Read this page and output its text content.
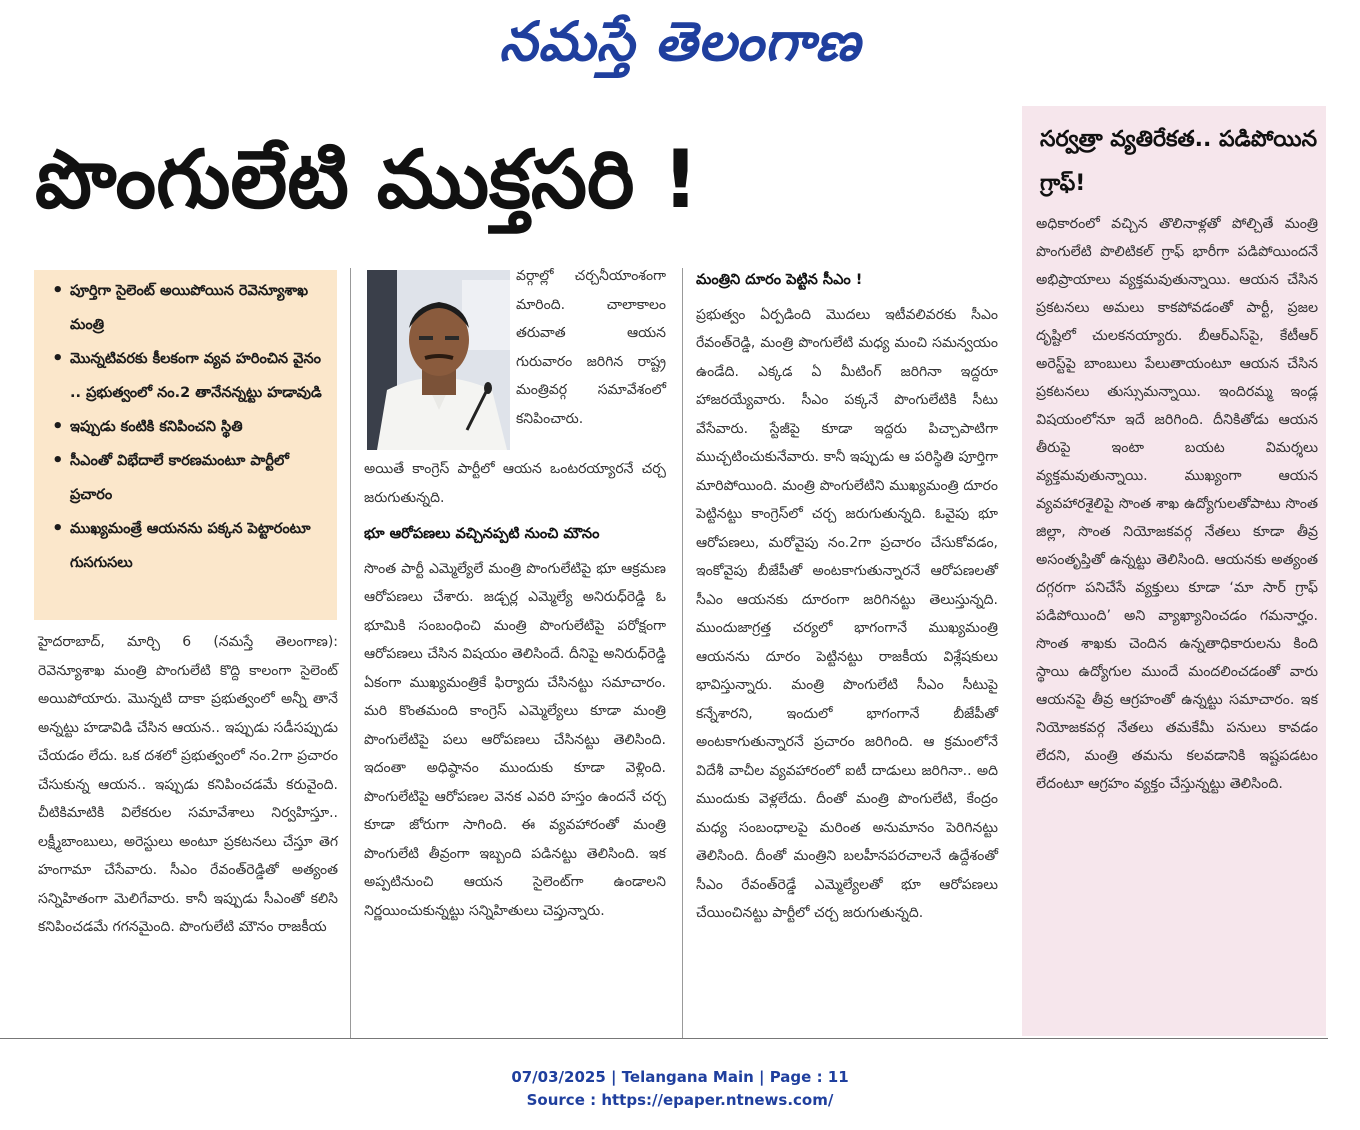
నమస్తే తెలంగాణ
పొంగులేటి ముక్తసరి !	సర్వత్రా వ్యతిరేకత.. పడిపోయిన గ్రాఫ్!
అధికారంలో వచ్చిన తొలినాళ్లతో పోల్చితే మంత్రి పొంగులేటి పొలిటికల్ గ్రాఫ్ భారీగా పడిపోయిందనే అభిప్రాయాలు వ్యక్తమవుతున్నాయి. ఆయన చేసిన ప్రకటనలు అమలు కాకపోవడంతో పార్టీ, ప్రజల దృష్టిలో చులకనయ్యారు. బీఆర్‌ఎస్‌పై, కేటీఆర్ అరెస్ట్‌పై బాంబులు పేలుతాయంటూ ఆయన చేసిన ప్రకటనలు తుస్సుమన్నాయి. ఇందిరమ్మ ఇండ్ల విషయంలోనూ ఇదే జరిగింది. దీనికితోడు ఆయన తీరుపై ఇంటా బయట విమర్శలు వ్యక్తమవుతున్నాయి. ముఖ్యంగా ఆయన వ్యవహారశైలిపై సొంత శాఖ ఉద్యోగులతోపాటు సొంత జిల్లా, సొంత నియోజకవర్గ నేతలు కూడా తీవ్ర అసంతృప్తితో ఉన్నట్టు తెలిసింది. ఆయనకు అత్యంత దగ్గరగా పనిచేసే వ్యక్తులు కూడా ‘మా సార్ గ్రాఫ్ పడిపోయింది’ అని వ్యాఖ్యానించడం గమనార్హం. సొంత శాఖకు చెందిన ఉన్నతాధికారులను కింది స్థాయి ఉద్యోగుల ముందే మందలించడంతో వారు ఆయనపై తీవ్ర ఆగ్రహంతో ఉన్నట్టు సమాచారం. ఇక నియోజకవర్గ నేతలు తమకేమీ పనులు కావడం లేదని, మంత్రి తమను కలవడానికి ఇష్టపడటం లేదంటూ ఆగ్రహం వ్యక్తం చేస్తున్నట్టు తెలిసింది.
• పూర్తిగా సైలెంట్ అయిపోయిన రెవెన్యూశాఖ మంత్రి
• మొన్నటివరకు కీలకంగా వ్యవ హరించిన వైనం .. ప్రభుత్వంలో నం.2 తానేనన్నట్టు హడావుడి
• ఇప్పుడు కంటికి కనిపించని స్థితి
• సీఎంతో విభేదాలే కారణమంటూ పార్టీలో ప్రచారం
• ముఖ్యమంత్రే ఆయనను పక్కన పెట్టారంటూ గుసగుసలు
హైదరాబాద్, మార్చి 6 (నమస్తే తెలంగాణ): రెవెన్యూశాఖ మంత్రి పొంగులేటి కొద్ది కాలంగా సైలెంట్ అయిపోయారు. మొన్నటి దాకా ప్రభుత్వంలో అన్నీ తానే అన్నట్టు హడావిడి చేసిన ఆయన.. ఇప్పుడు సడీసప్పుడు చేయడం లేదు. ఒక దశలో ప్రభుత్వంలో నం.2గా ప్రచారం చేసుకున్న ఆయన.. ఇప్పుడు కనిపించడమే కరువైంది. చీటికిమాటికి విలేకరుల సమావేశాలు నిర్వహిస్తూ.. లక్ష్మీబాంబులు, అరెస్టులు అంటూ ప్రకటనలు చేస్తూ తెగ హంగామా చేసేవారు. సీఎం రేవంత్‌రెడ్డితో అత్యంత సన్నిహితంగా మెలిగేవారు. కానీ ఇప్పుడు సీఎంతో కలిసి కనిపించడమే గగనమైంది. పొంగులేటి మౌనం రాజకీయ
వర్గాల్లో చర్చనీయాంశంగా మారింది. చాలాకాలం తరువాత ఆయన గురువారం జరిగిన రాష్ట్ర మంత్రివర్గ సమావేశంలో కనిపించారు.

అయితే కాంగ్రెస్ పార్టీలో ఆయన ఒంటరయ్యారనే చర్చ జరుగుతున్నది.

భూ ఆరోపణలు వచ్చినప్పటి నుంచి మౌనం

సొంత పార్టీ ఎమ్మెల్యేలే మంత్రి పొంగులేటిపై భూ ఆక్రమణ ఆరోపణలు చేశారు. జడ్చర్ల ఎమ్మెల్యే అనిరుధ్‌రెడ్డి ఓ భూమికి సంబంధించి మంత్రి పొంగులేటిపై పరోక్షంగా ఆరోపణలు చేసిన విషయం తెలిసిందే. దీనిపై అనిరుధ్‌రెడ్డి ఏకంగా ముఖ్యమంత్రికే ఫిర్యాదు చేసినట్టు సమాచారం. మరి కొంతమంది కాంగ్రెస్ ఎమ్మెల్యేలు కూడా మంత్రి పొంగులేటిపై పలు ఆరోపణలు చేసినట్టు తెలిసింది. ఇదంతా అధిష్ఠానం ముందుకు కూడా వెళ్లింది. పొంగులేటిపై ఆరోపణల వెనక ఎవరి హస్తం ఉందనే చర్చ కూడా జోరుగా సాగింది. ఈ వ్యవహారంతో మంత్రి పొంగులేటి తీవ్రంగా ఇబ్బంది పడినట్టు తెలిసింది. ఇక అప్పటినుంచి ఆయన సైలెంట్‌గా ఉండాలని నిర్ణయించుకున్నట్టు సన్నిహితులు చెప్తున్నారు.

మంత్రిని దూరం పెట్టిన సీఎం !

ప్రభుత్వం ఏర్పడింది మొదలు ఇటీవలివరకు సీఎం రేవంత్‌రెడ్డి, మంత్రి పొంగులేటి మధ్య మంచి సమన్వయం ఉండేది. ఎక్కడ ఏ మీటింగ్ జరిగినా ఇద్దరూ హాజరయ్యేవారు. సీఎం పక్కనే పొంగులేటికి సీటు వేసేవారు. స్టేజీపై కూడా ఇద్దరు పిచ్చాపాటిగా ముచ్చటించుకునేవారు. కానీ ఇప్పుడు ఆ పరిస్థితి పూర్తిగా మారిపోయింది. మంత్రి పొంగులేటిని ముఖ్యమంత్రి దూరం పెట్టినట్టు కాంగ్రెస్‌లో చర్చ జరుగుతున్నది. ఓవైపు భూ ఆరోపణలు, మరోవైపు నం.2గా ప్రచారం చేసుకోవడం, ఇంకోవైపు బీజేపీతో అంటకాగుతున్నారనే ఆరోపణలతో సీఎం ఆయనకు దూరంగా జరిగినట్టు తెలుస్తున్నది. ముందుజాగ్రత్త చర్యలో భాగంగానే ముఖ్యమంత్రి ఆయనను దూరం పెట్టినట్టు రాజకీయ విశ్లేషకులు భావిస్తున్నారు. మంత్రి పొంగులేటి సీఎం సీటుపై కన్నేశారని, ఇందులో భాగంగానే బీజేపీతో అంటకాగుతున్నారనే ప్రచారం జరిగింది. ఆ క్రమంలోనే విదేశీ వాచీల వ్యవహారంలో ఐటీ దాడులు జరిగినా.. అది ముందుకు వెళ్లలేదు. దీంతో మంత్రి పొంగులేటి, కేంద్రం మధ్య సంబంధాలపై మరింత అనుమానం పెరిగినట్టు తెలిసింది. దీంతో మంత్రిని బలహీనపరచాలనే ఉద్దేశంతో సీఎం రేవంత్‌రెడ్డే ఎమ్మెల్యేలతో భూ ఆరోపణలు చేయించినట్టు పార్టీలో చర్చ జరుగుతున్నది.

07/03/2025 | Telangana Main | Page : 11
Source : https://epaper.ntnews.com/
